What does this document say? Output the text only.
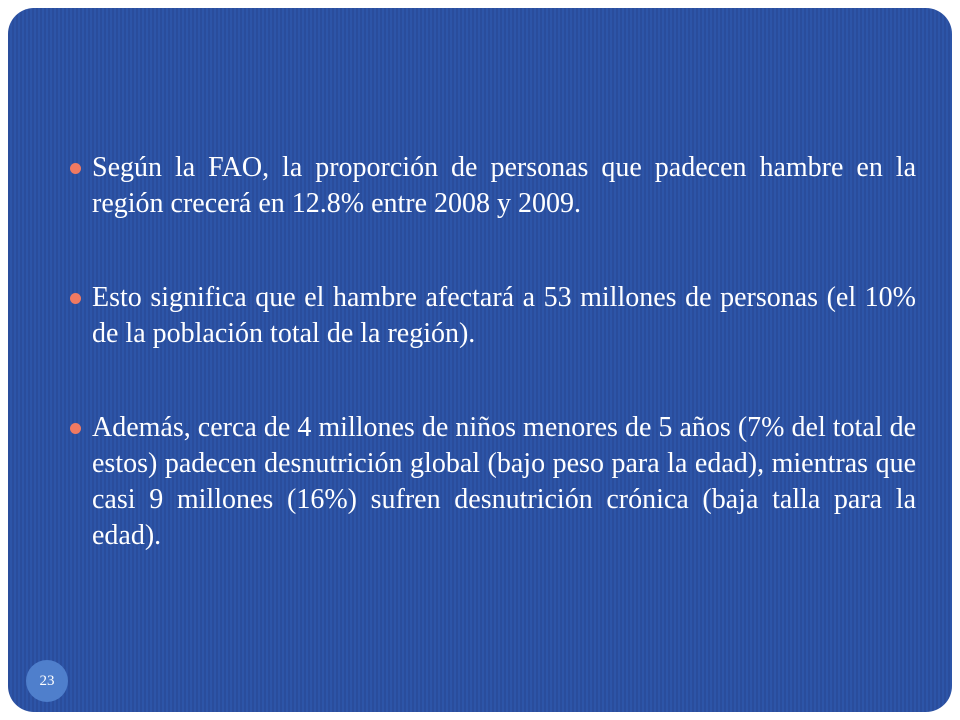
Según la FAO, la proporción de personas que padecen hambre en la región crecerá en 12.8% entre 2008 y 2009.
Esto significa que el hambre afectará a 53 millones de personas (el 10% de la población total de la región).
Además, cerca de 4 millones de niños menores de 5 años (7% del total de estos) padecen desnutrición global (bajo peso para la edad), mientras que casi 9 millones (16%) sufren desnutrición crónica (baja talla para la edad).
23
